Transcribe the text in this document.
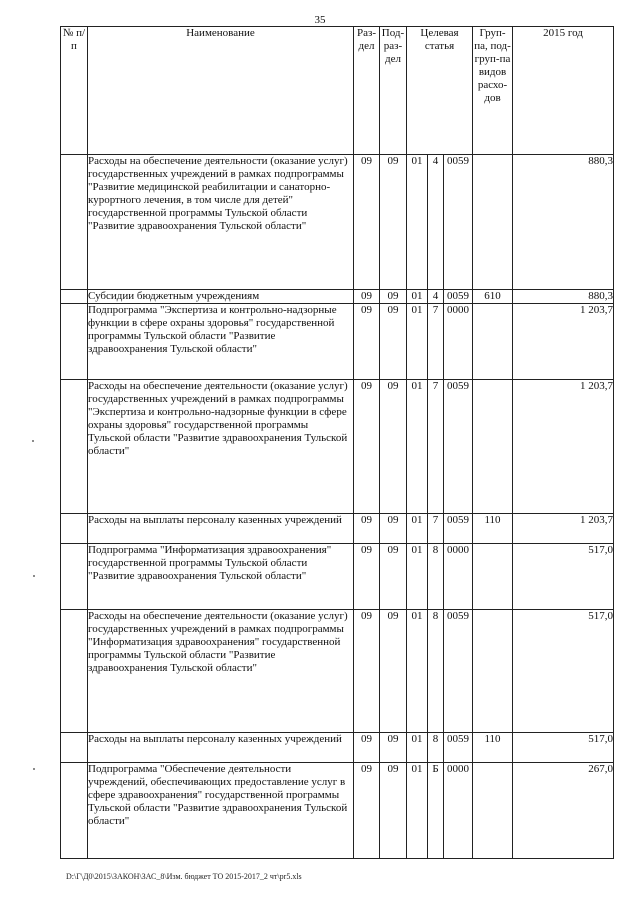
35
№ п/п	Наименование	Раз-дел	Под-раз-дел	Целевая статья			Груп-па, под-груп-па видов расхо-дов	2015 год
	Расходы на обеспечение деятельности (оказание услуг) государственных учреждений в рамках подпрограммы "Развитие медицинской реабилитации и санаторно-курортного лечения, в том числе для детей" государственной программы Тульской области "Развитие здравоохранения Тульской области"	09	09	01	4	0059		880,3
	Субсидии бюджетным учреждениям	09	09	01	4	0059	610	880,3
	Подпрограмма "Экспертиза и контрольно-надзорные функции в сфере охраны здоровья" государственной программы Тульской области "Развитие здравоохранения Тульской области"	09	09	01	7	0000		1 203,7
	Расходы на обеспечение деятельности (оказание услуг) государственных учреждений в рамках подпрограммы "Экспертиза и контрольно-надзорные функции в сфере охраны здоровья" государственной программы Тульской области "Развитие здравоохранения Тульской области"	09	09	01	7	0059		1 203,7
	Расходы на выплаты персоналу казенных учреждений	09	09	01	7	0059	110	1 203,7
	Подпрограмма "Информатизация здравоохранения" государственной программы Тульской области "Развитие здравоохранения Тульской области"	09	09	01	8	0000		517,0
	Расходы на обеспечение деятельности (оказание услуг) государственных учреждений в рамках подпрограммы "Информатизация здравоохранения" государственной программы Тульской области "Развитие здравоохранения Тульской области"	09	09	01	8	0059		517,0
	Расходы на выплаты персоналу казенных учреждений	09	09	01	8	0059	110	517,0
	Подпрограмма "Обеспечение деятельности учреждений, обеспечивающих предоставление услуг в сфере здравоохранения" государственной программы Тульской области "Развитие здравоохранения Тульской области"	09	09	01	Б	0000		267,0
D:\Г\Д0\2015\ЗАКОН\ЗАС_8\Изм. бюджет ТО 2015-2017_2 чт\pr5.xls
